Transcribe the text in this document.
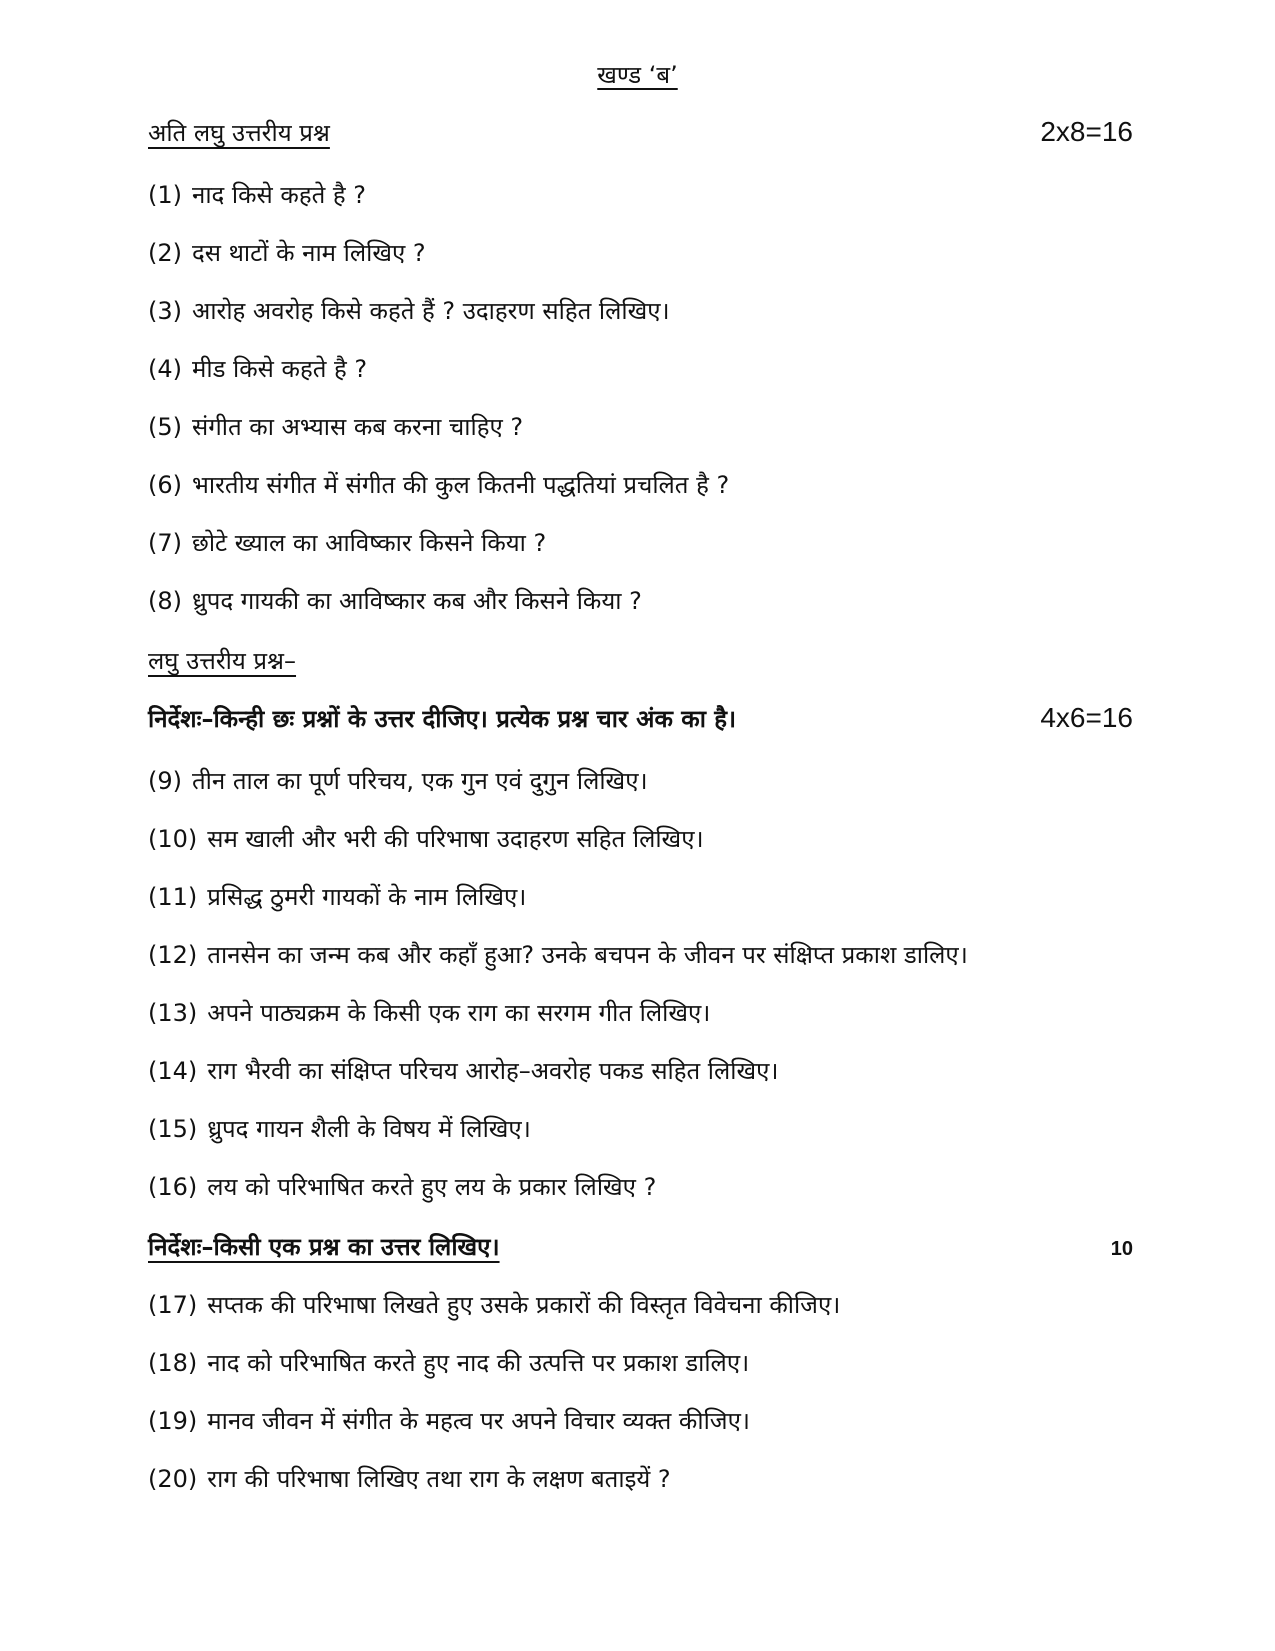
खण्ड ‘ब’
अति लघु उत्तरीय प्रश्न	2x8=16
(1) नाद किसे कहते है ?
(2) दस थाटों के नाम लिखिए ?
(3) आरोह अवरोह किसे कहते हैं ? उदाहरण सहित लिखिए।
(4) मीड किसे कहते है ?
(5) संगीत का अभ्यास कब करना चाहिए ?
(6) भारतीय संगीत में संगीत की कुल कितनी पद्धतियां प्रचलित है ?
(7) छोटे ख्याल का आविष्कार किसने किया ?
(8) ध्रुपद गायकी का आविष्कार कब और किसने किया ?
लघु उत्तरीय प्रश्न–
निर्देशः–किन्ही छः प्रश्नों के उत्तर दीजिए। प्रत्येक प्रश्न चार अंक का है।	4x6=16
(9) तीन ताल का पूर्ण परिचय, एक गुन एवं दुगुन लिखिए।
(10) सम खाली और भरी की परिभाषा उदाहरण सहित लिखिए।
(11) प्रसिद्ध ठुमरी गायकों के नाम लिखिए।
(12) तानसेन का जन्म कब और कहाँ हुआ? उनके बचपन के जीवन पर संक्षिप्त प्रकाश डालिए।
(13) अपने पाठ्यक्रम के किसी एक राग का सरगम गीत लिखिए।
(14) राग भैरवी का संक्षिप्त परिचय आरोह–अवरोह पकड सहित लिखिए।
(15) ध्रुपद गायन शैली के विषय में लिखिए।
(16) लय को परिभाषित करते हुए लय के प्रकार लिखिए ?
निर्देशः–किसी एक प्रश्न का उत्तर लिखिए।	10
(17) सप्तक की परिभाषा लिखते हुए उसके प्रकारों की विस्तृत विवेचना कीजिए।
(18) नाद को परिभाषित करते हुए नाद की उत्पत्ति पर प्रकाश डालिए।
(19) मानव जीवन में संगीत के महत्व पर अपने विचार व्यक्त कीजिए।
(20) राग की परिभाषा लिखिए तथा राग के लक्षण बताइयें ?
